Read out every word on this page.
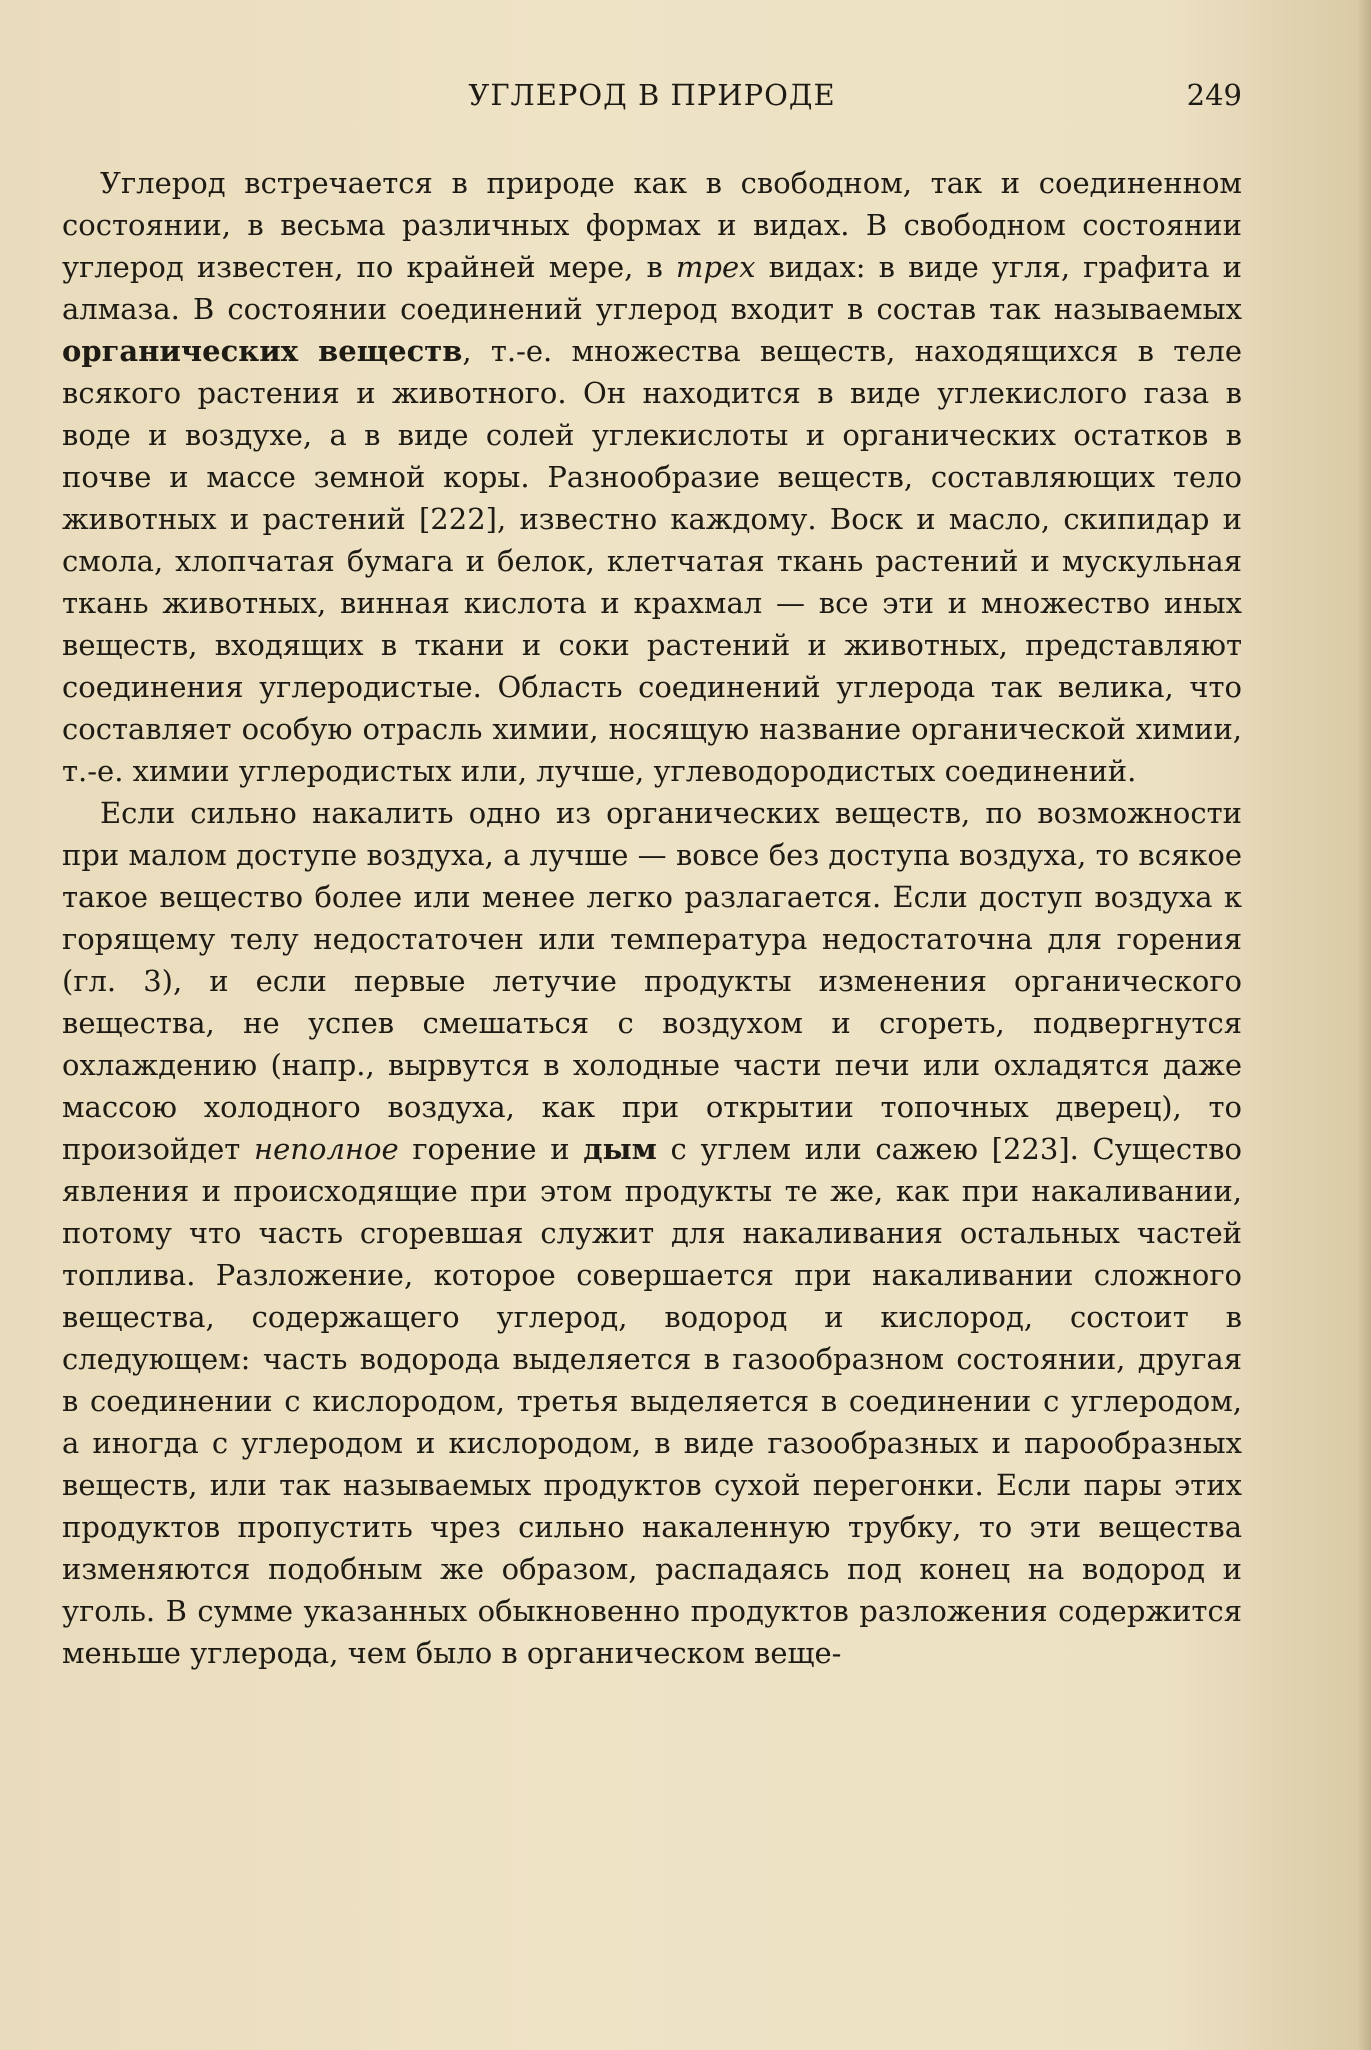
УГЛЕРОД В ПРИРОДЕ	249

Углерод встречается в природе как в свободном, так и соединенном состоянии, в весьма различных формах и видах. В свободном состоянии углерод известен, по крайней мере, в трех видах: в виде угля, графита и алмаза. В состоянии соединений углерод входит в состав так называемых органических веществ, т.-е. множества веществ, находящихся в теле всякого растения и животного. Он находится в виде углекислого газа в воде и воздухе, а в виде солей углекислоты и органических остатков в почве и массе земной коры. Разнообразие веществ, составляющих тело животных и растений [222], известно каждому. Воск и масло, скипидар и смола, хлопчатая бумага и белок, клетчатая ткань растений и мускульная ткань животных, винная кислота и крахмал — все эти и множество иных веществ, входящих в ткани и соки растений и животных, представляют соединения углеродистые. Область соединений углерода так велика, что составляет особую отрасль химии, носящую название органической химии, т.-е. химии углеродистых или, лучше, углеводородистых соединений.

Если сильно накалить одно из органических веществ, по возможности при малом доступе воздуха, а лучше — вовсе без доступа воздуха, то всякое такое вещество более или менее легко разлагается. Если доступ воздуха к горящему телу недостаточен или температура недостаточна для горения (гл. 3), и если первые летучие продукты изменения органического вещества, не успев смешаться с воздухом и сгореть, подвергнутся охлаждению (напр., вырвутся в холодные части печи или охладятся даже массою холодного воздуха, как при открытии топочных дверец), то произойдет неполное горение и дым с углем или сажею [223]. Существо явления и происходящие при этом продукты те же, как при накаливании, потому что часть сгоревшая служит для накаливания остальных частей топлива. Разложение, которое совершается при накаливании сложного вещества, содержащего углерод, водород и кислород, состоит в следующем: часть водорода выделяется в газообразном состоянии, другая в соединении с кислородом, третья выделяется в соединении с углеродом, а иногда с углеродом и кислородом, в виде газообразных и парообразных веществ, или так называемых продуктов сухой перегонки. Если пары этих продуктов пропустить чрез сильно накаленную трубку, то эти вещества изменяются подобным же образом, распадаясь под конец на водород и уголь. В сумме указанных обыкновенно продуктов разложения содержится меньше углерода, чем было в органическом веще-
